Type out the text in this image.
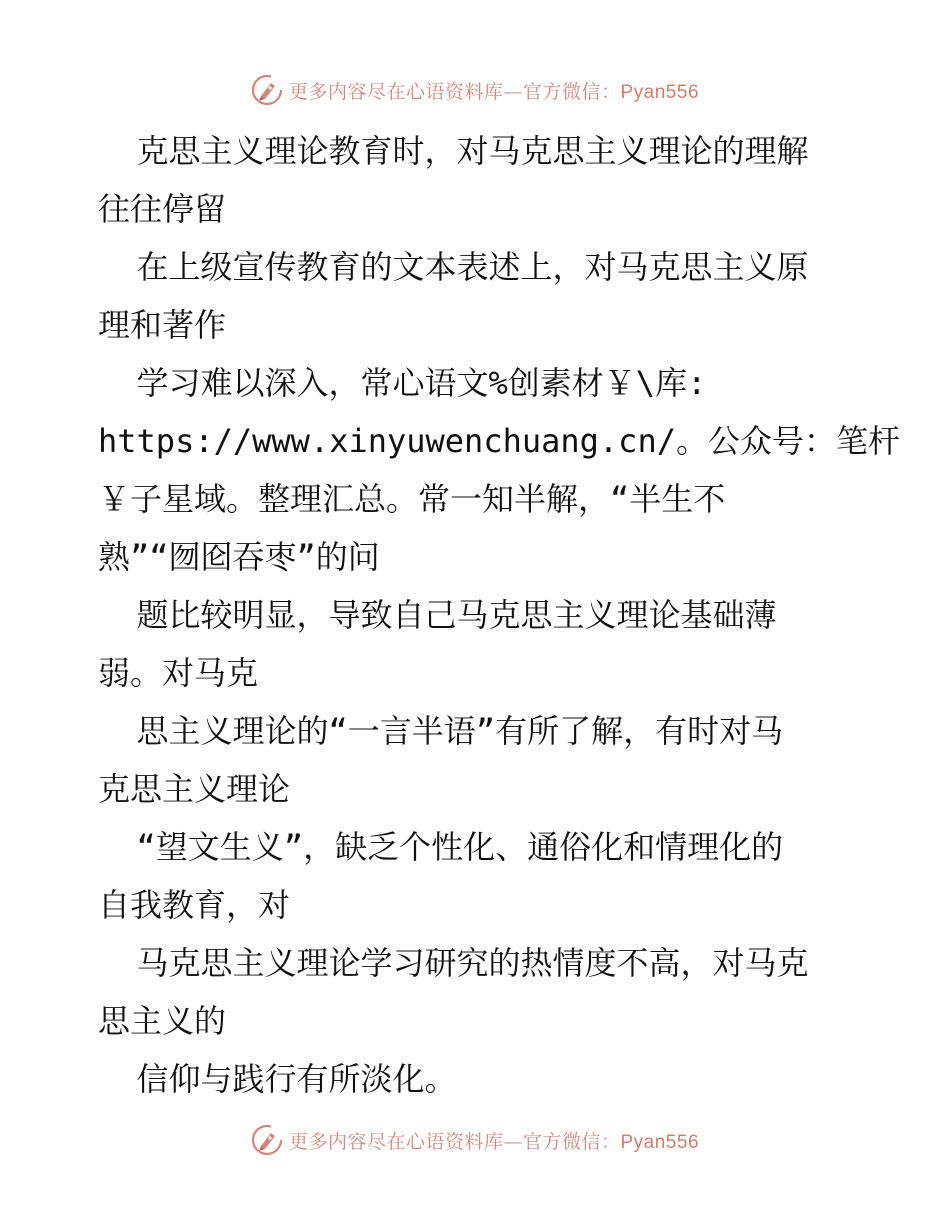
更多内容尽在心语资料库—官方微信：Pyan556
克思主义理论教育时，对马克思主义理论的理解
往往停留
在上级宣传教育的文本表述上，对马克思主义原
理和著作
学习难以深入，常心语文%创素材￥\库:
https://www.xinyuwenchuang.cn/。公众号：笔杆
￥子星域。整理汇总。常一知半解，“半生不
熟”“囫囵吞枣”的问
题比较明显，导致自己马克思主义理论基础薄
弱。对马克
思主义理论的“一言半语”有所了解，有时对马
克思主义理论
“望文生义”，缺乏个性化、通俗化和情理化的
自我教育，对
马克思主义理论学习研究的热情度不高，对马克
思主义的
信仰与践行有所淡化。
更多内容尽在心语资料库—官方微信：Pyan556
